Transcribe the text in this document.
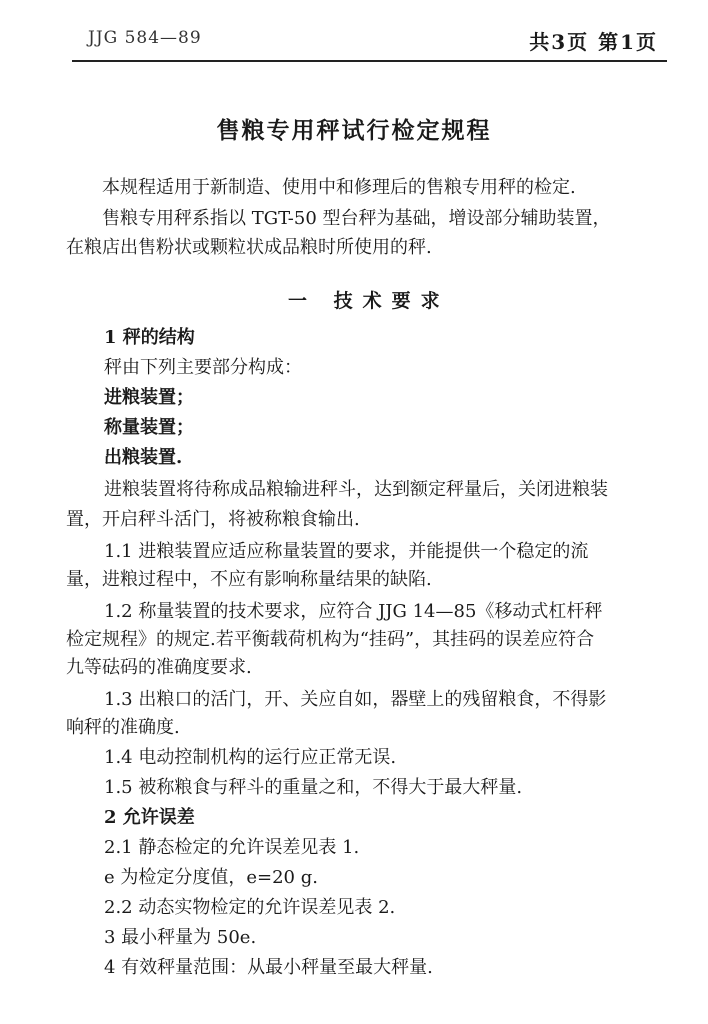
JJG 584—89	共3页 第1页
售粮专用秤试行检定规程
本规程适用于新制造、使用中和修理后的售粮专用秤的检定.
售粮专用秤系指以 TGT-50 型台秤为基础，增设部分辅助装置，
在粮店出售粉状或颗粒状成品粮时所使用的秤.
一 技术要求
1 秤的结构
秤由下列主要部分构成：
进粮装置；
称量装置；
出粮装置.
进粮装置将待称成品粮输进秤斗，达到额定秤量后，关闭进粮装
置，开启秤斗活门，将被称粮食输出.
1.1 进粮装置应适应称量装置的要求，并能提供一个稳定的流
量，进粮过程中，不应有影响称量结果的缺陷.
1.2 称量装置的技术要求，应符合 JJG 14—85《移动式杠杆秤
检定规程》的规定.若平衡载荷机构为“挂码”，其挂码的误差应符合
九等砝码的准确度要求.
1.3 出粮口的活门，开、关应自如，器壁上的残留粮食，不得影
响秤的准确度.
1.4 电动控制机构的运行应正常无误.
1.5 被称粮食与秤斗的重量之和，不得大于最大秤量.
2 允许误差
2.1 静态检定的允许误差见表 1.
e 为检定分度值，e=20 g.
2.2 动态实物检定的允许误差见表 2.
3 最小秤量为 50e.
4 有效秤量范围：从最小秤量至最大秤量.
